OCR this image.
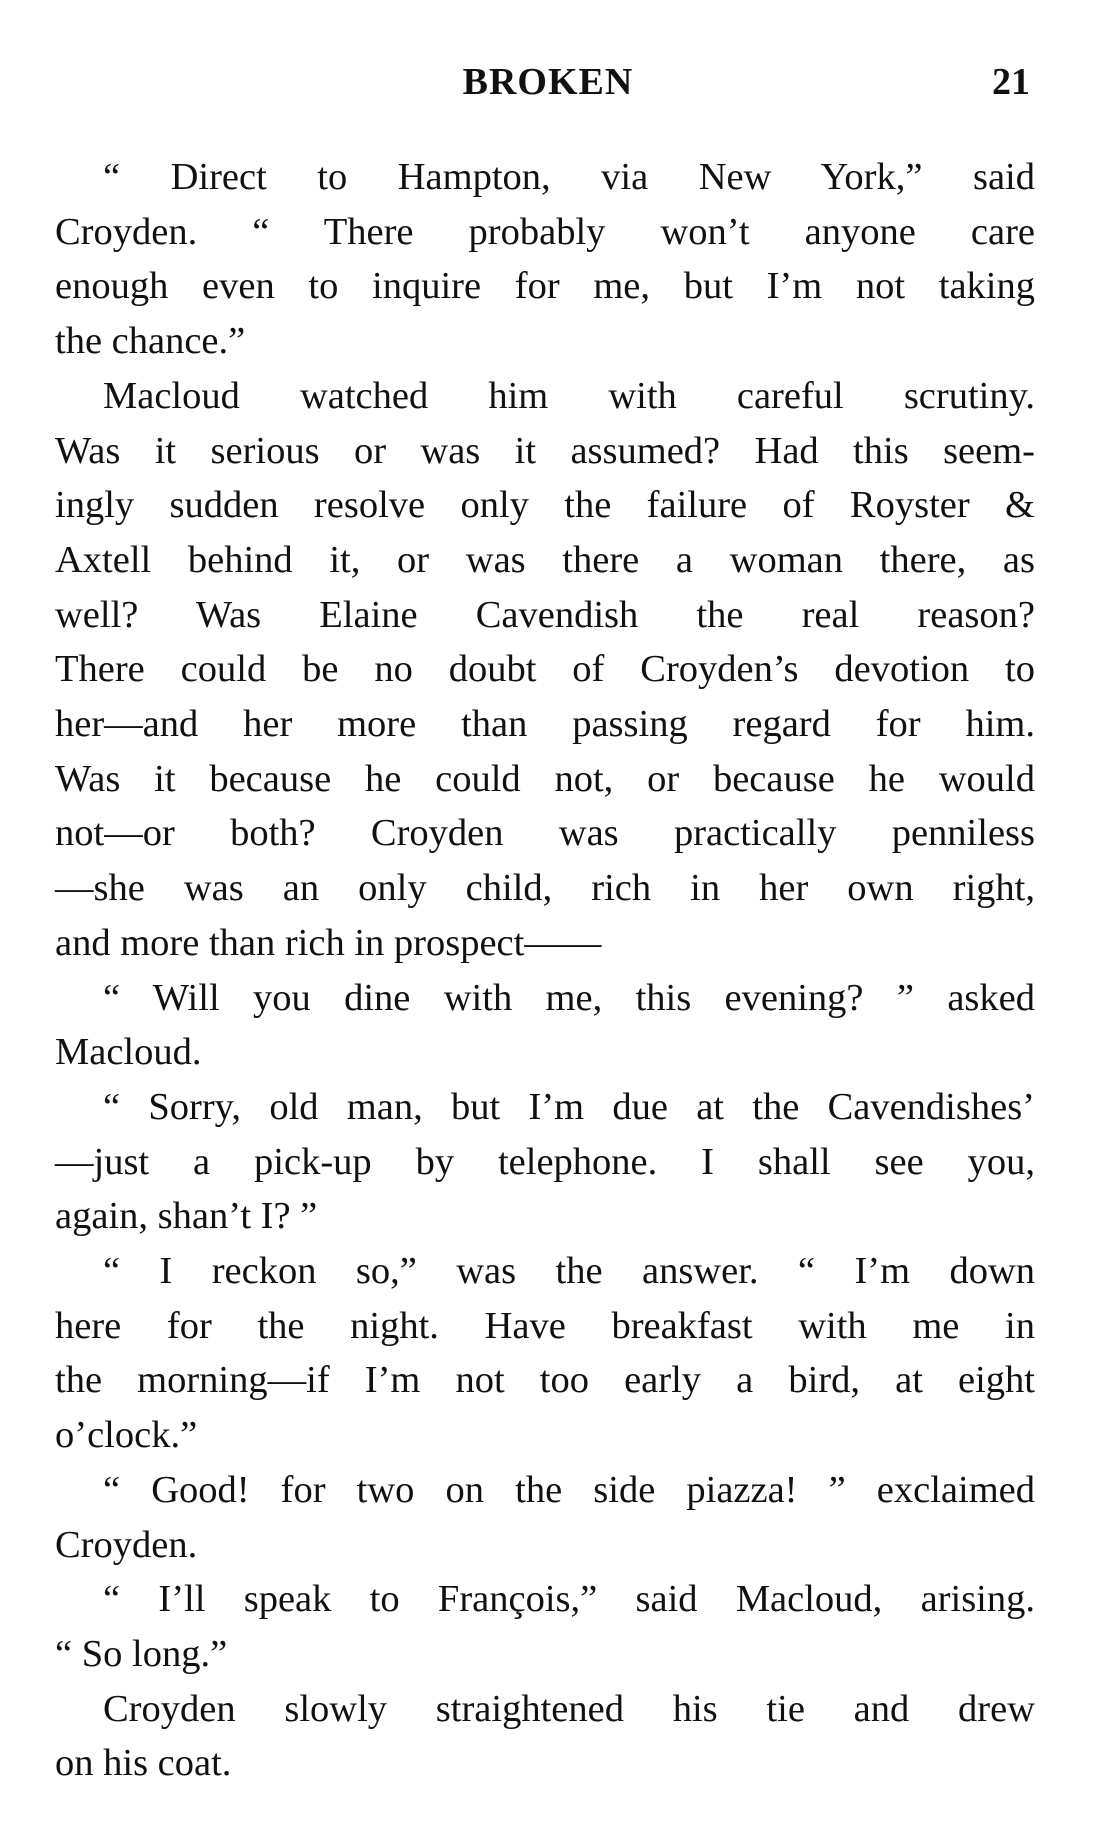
BROKEN	21

“ Direct to Hampton, via New York,” said
Croyden. “ There probably won’t anyone care
enough even to inquire for me, but I’m not taking
the chance.”

Macloud watched him with careful scrutiny.
Was it serious or was it assumed? Had this seem-
ingly sudden resolve only the failure of Royster &
Axtell behind it, or was there a woman there, as
well? Was Elaine Cavendish the real reason?
There could be no doubt of Croyden’s devotion to
her—and her more than passing regard for him.
Was it because he could not, or because he would
not—or both? Croyden was practically penniless
—she was an only child, rich in her own right,
and more than rich in prospect——

“ Will you dine with me, this evening? ” asked
Macloud.

“ Sorry, old man, but I’m due at the Cavendishes’
—just a pick-up by telephone. I shall see you,
again, shan’t I? ”

“ I reckon so,” was the answer. “ I’m down
here for the night. Have breakfast with me in
the morning—if I’m not too early a bird, at eight
o’clock.”

“ Good! for two on the side piazza! ” exclaimed
Croyden.

“ I’ll speak to François,” said Macloud, arising.
“ So long.”

Croyden slowly straightened his tie and drew
on his coat.
